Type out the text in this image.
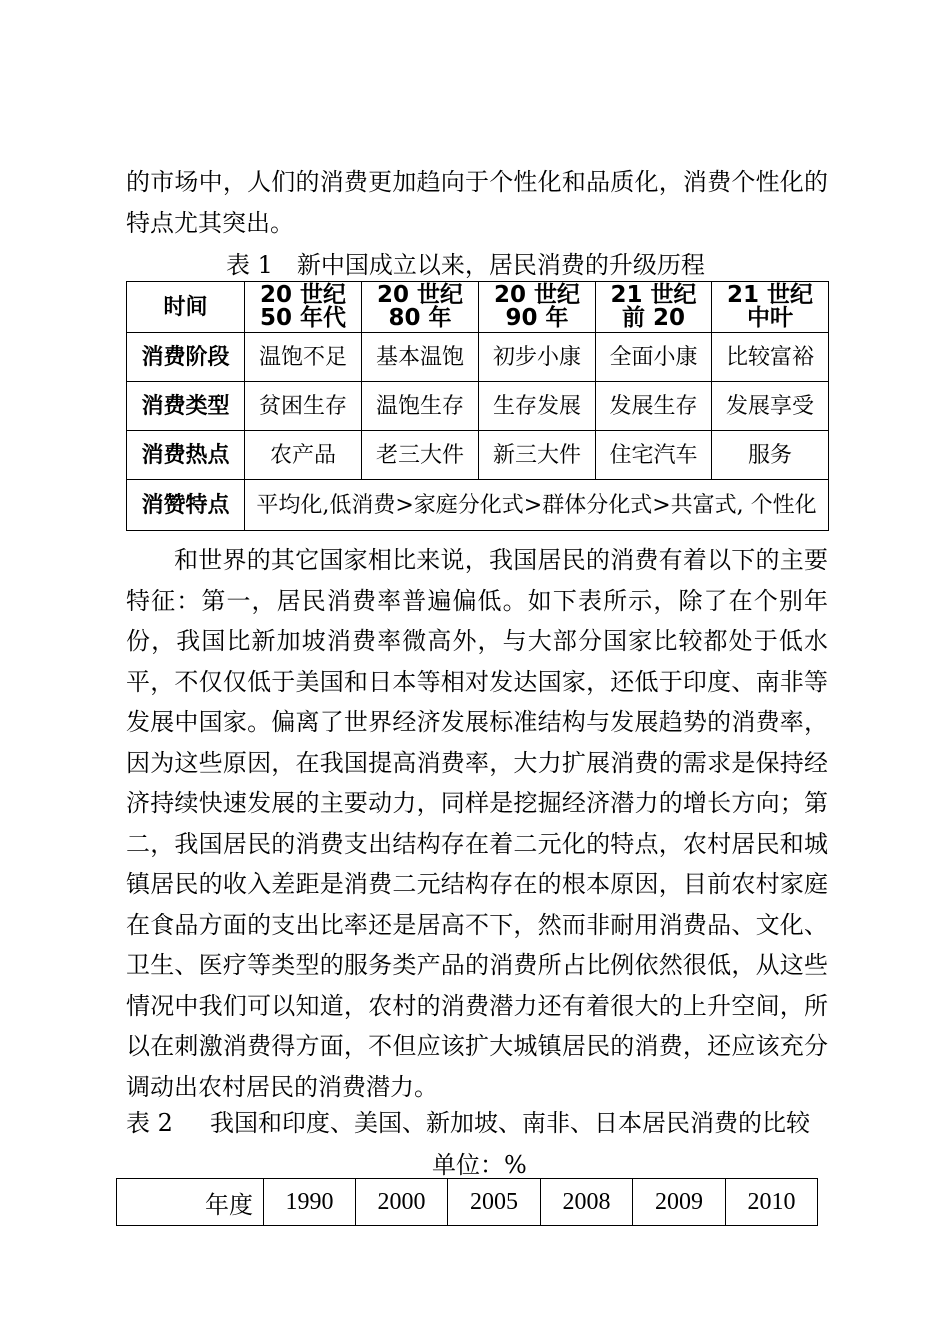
的市场中，人们的消费更加趋向于个性化和品质化，消费个性化的特点尤其突出。

表 1　新中国成立以来，居民消费的升级历程
时间	20 世纪 50 年代	20 世纪 80 年	20 世纪 90 年	21 世纪前 20	21 世纪中叶
消费阶段	温饱不足	基本温饱	初步小康	全面小康	比较富裕
消费类型	贫困生存	温饱生存	生存发展	发展生存	发展享受
消费热点	农产品	老三大件	新三大件	住宅汽车	服务
消赞特点	平均化,低消费>家庭分化式>群体分化式>共富式, 个性化				

和世界的其它国家相比来说，我国居民的消费有着以下的主要特征：第一，居民消费率普遍偏低。如下表所示，除了在个别年份，我国比新加坡消费率微高外，与大部分国家比较都处于低水平，不仅仅低于美国和日本等相对发达国家，还低于印度、南非等发展中国家。偏离了世界经济发展标准结构与发展趋势的消费率，因为这些原因，在我国提高消费率，大力扩展消费的需求是保持经济持续快速发展的主要动力，同样是挖掘经济潜力的增长方向；第二，我国居民的消费支出结构存在着二元化的特点，农村居民和城镇居民的收入差距是消费二元结构存在的根本原因，目前农村家庭在食品方面的支出比率还是居高不下，然而非耐用消费品、文化、卫生、医疗等类型的服务类产品的消费所占比例依然很低，从这些情况中我们可以知道，农村的消费潜力还有着很大的上升空间，所以在刺激消费得方面，不但应该扩大城镇居民的消费，还应该充分调动出农村居民的消费潜力。

表 2 我国和印度、美国、新加坡、南非、日本居民消费的比较
单位：%
年度	1990	2000	2005	2008	2009	2010
